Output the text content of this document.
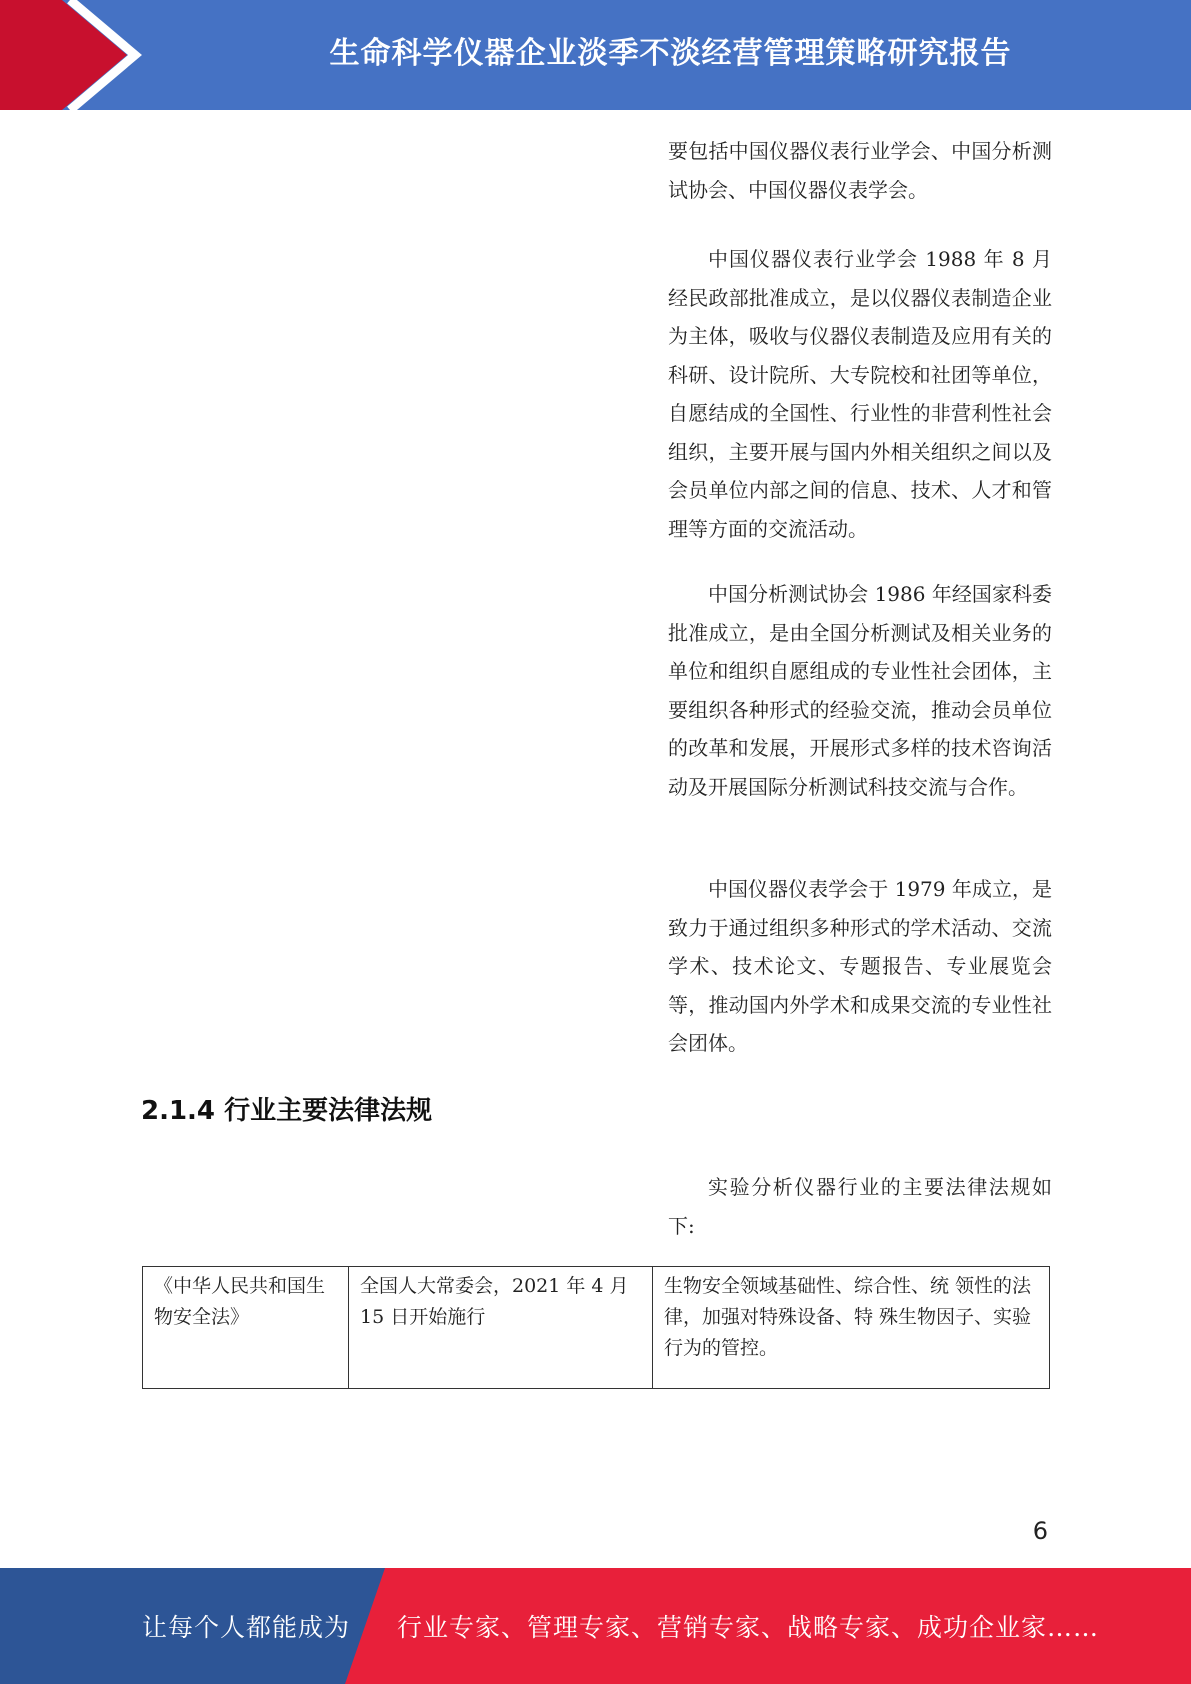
生命科学仪器企业淡季不淡经营管理策略研究报告

要包括中国仪器仪表行业学会、中国分析测试协会、中国仪器仪表学会。

中国仪器仪表行业学会 1988 年 8 月经民政部批准成立，是以仪器仪表制造企业为主体，吸收与仪器仪表制造及应用有关的科研、设计院所、大专院校和社团等单位，自愿结成的全国性、行业性的非营利性社会组织，主要开展与国内外相关组织之间以及会员单位内部之间的信息、技术、人才和管理等方面的交流活动。

中国分析测试协会 1986 年经国家科委批准成立，是由全国分析测试及相关业务的单位和组织自愿组成的专业性社会团体，主要组织各种形式的经验交流，推动会员单位的改革和发展，开展形式多样的技术咨询活动及开展国际分析测试科技交流与合作。

中国仪器仪表学会于 1979 年成立，是致力于通过组织多种形式的学术活动、交流学术、技术论文、专题报告、专业展览会等，推动国内外学术和成果交流的专业性社会团体。

2.1.4 行业主要法律法规

实验分析仪器行业的主要法律法规如下:

《中华人民共和国生 物安全法》	全国人大常委会，2021 年 4 月 15 日开始施行	生物安全领域基础性、综合性、统 领性的法律，加强对特殊设备、特 殊生物因子、实验行为的管控。
6
让每个人都能成为 行业专家、管理专家、营销专家、战略专家、成功企业家……
